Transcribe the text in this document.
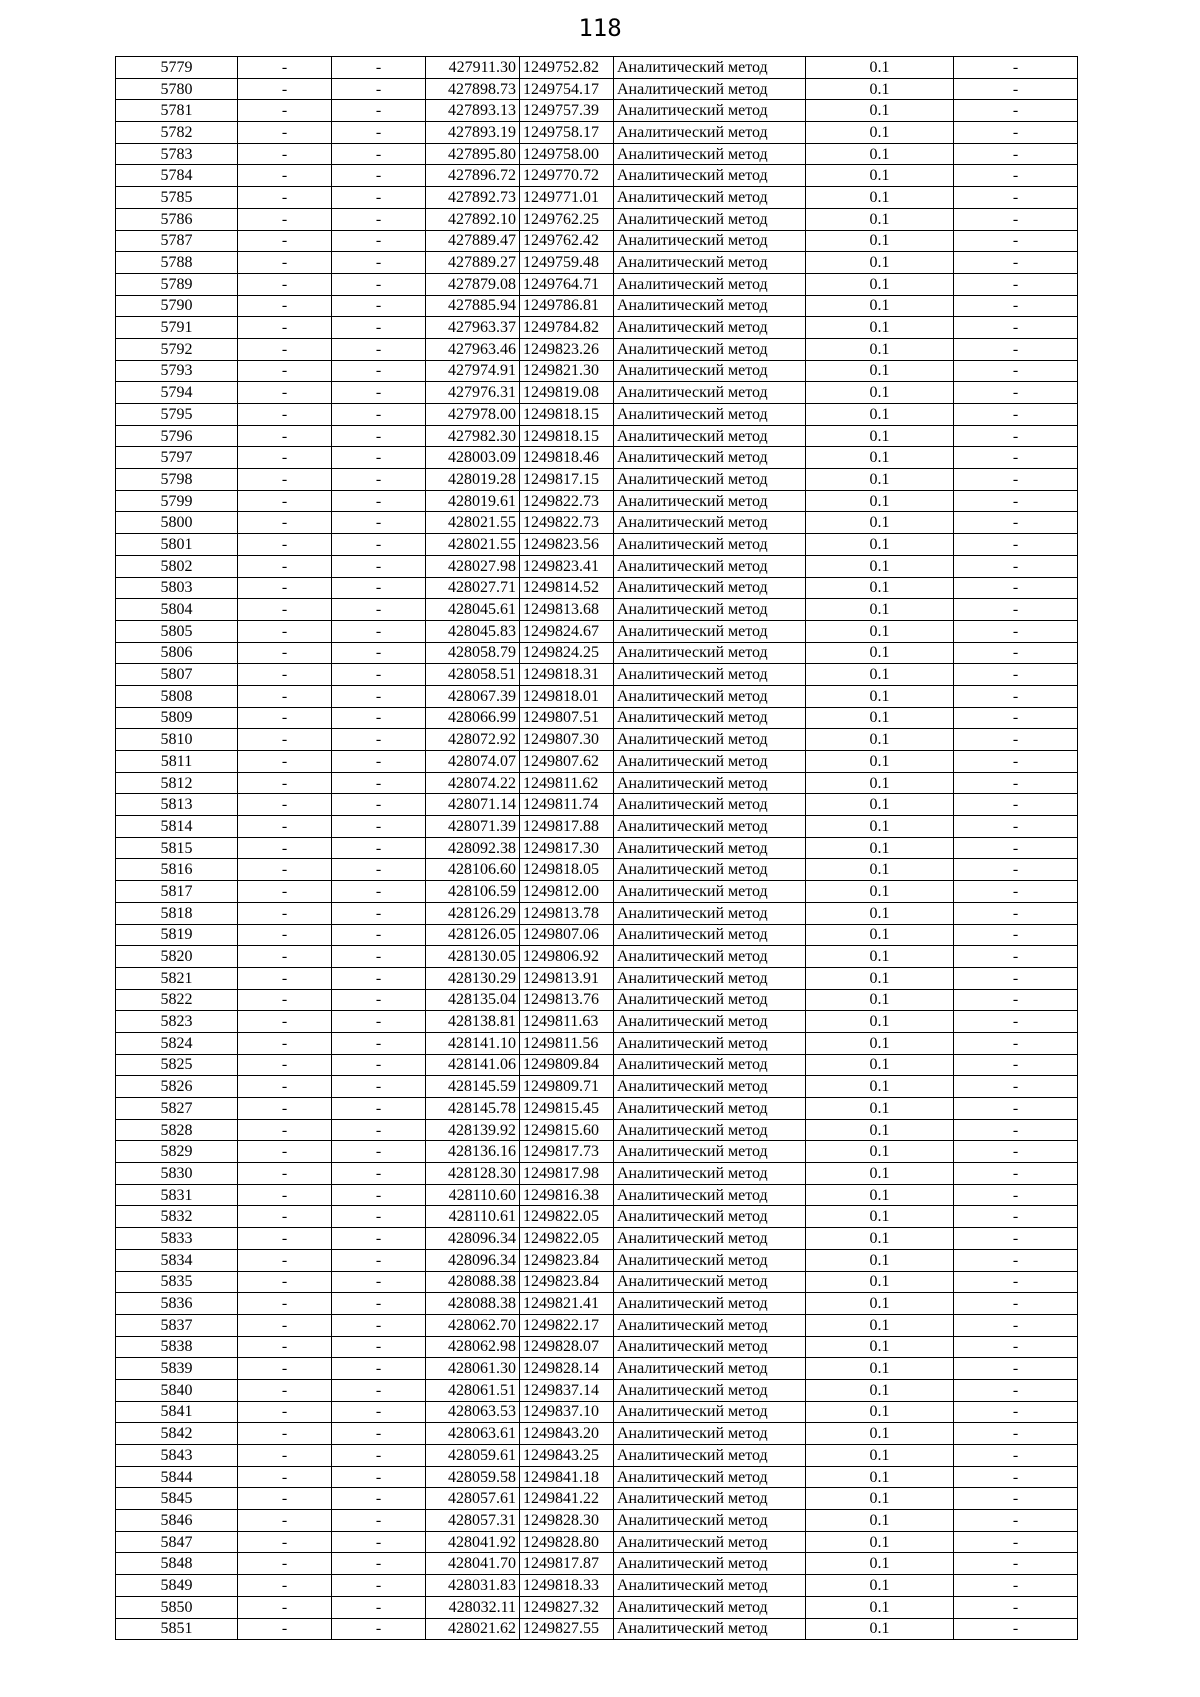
118
5779	-	-	427911.30	1249752.82	Аналитический метод	0.1	-
5780	-	-	427898.73	1249754.17	Аналитический метод	0.1	-
5781	-	-	427893.13	1249757.39	Аналитический метод	0.1	-
5782	-	-	427893.19	1249758.17	Аналитический метод	0.1	-
5783	-	-	427895.80	1249758.00	Аналитический метод	0.1	-
5784	-	-	427896.72	1249770.72	Аналитический метод	0.1	-
5785	-	-	427892.73	1249771.01	Аналитический метод	0.1	-
5786	-	-	427892.10	1249762.25	Аналитический метод	0.1	-
5787	-	-	427889.47	1249762.42	Аналитический метод	0.1	-
5788	-	-	427889.27	1249759.48	Аналитический метод	0.1	-
5789	-	-	427879.08	1249764.71	Аналитический метод	0.1	-
5790	-	-	427885.94	1249786.81	Аналитический метод	0.1	-
5791	-	-	427963.37	1249784.82	Аналитический метод	0.1	-
5792	-	-	427963.46	1249823.26	Аналитический метод	0.1	-
5793	-	-	427974.91	1249821.30	Аналитический метод	0.1	-
5794	-	-	427976.31	1249819.08	Аналитический метод	0.1	-
5795	-	-	427978.00	1249818.15	Аналитический метод	0.1	-
5796	-	-	427982.30	1249818.15	Аналитический метод	0.1	-
5797	-	-	428003.09	1249818.46	Аналитический метод	0.1	-
5798	-	-	428019.28	1249817.15	Аналитический метод	0.1	-
5799	-	-	428019.61	1249822.73	Аналитический метод	0.1	-
5800	-	-	428021.55	1249822.73	Аналитический метод	0.1	-
5801	-	-	428021.55	1249823.56	Аналитический метод	0.1	-
5802	-	-	428027.98	1249823.41	Аналитический метод	0.1	-
5803	-	-	428027.71	1249814.52	Аналитический метод	0.1	-
5804	-	-	428045.61	1249813.68	Аналитический метод	0.1	-
5805	-	-	428045.83	1249824.67	Аналитический метод	0.1	-
5806	-	-	428058.79	1249824.25	Аналитический метод	0.1	-
5807	-	-	428058.51	1249818.31	Аналитический метод	0.1	-
5808	-	-	428067.39	1249818.01	Аналитический метод	0.1	-
5809	-	-	428066.99	1249807.51	Аналитический метод	0.1	-
5810	-	-	428072.92	1249807.30	Аналитический метод	0.1	-
5811	-	-	428074.07	1249807.62	Аналитический метод	0.1	-
5812	-	-	428074.22	1249811.62	Аналитический метод	0.1	-
5813	-	-	428071.14	1249811.74	Аналитический метод	0.1	-
5814	-	-	428071.39	1249817.88	Аналитический метод	0.1	-
5815	-	-	428092.38	1249817.30	Аналитический метод	0.1	-
5816	-	-	428106.60	1249818.05	Аналитический метод	0.1	-
5817	-	-	428106.59	1249812.00	Аналитический метод	0.1	-
5818	-	-	428126.29	1249813.78	Аналитический метод	0.1	-
5819	-	-	428126.05	1249807.06	Аналитический метод	0.1	-
5820	-	-	428130.05	1249806.92	Аналитический метод	0.1	-
5821	-	-	428130.29	1249813.91	Аналитический метод	0.1	-
5822	-	-	428135.04	1249813.76	Аналитический метод	0.1	-
5823	-	-	428138.81	1249811.63	Аналитический метод	0.1	-
5824	-	-	428141.10	1249811.56	Аналитический метод	0.1	-
5825	-	-	428141.06	1249809.84	Аналитический метод	0.1	-
5826	-	-	428145.59	1249809.71	Аналитический метод	0.1	-
5827	-	-	428145.78	1249815.45	Аналитический метод	0.1	-
5828	-	-	428139.92	1249815.60	Аналитический метод	0.1	-
5829	-	-	428136.16	1249817.73	Аналитический метод	0.1	-
5830	-	-	428128.30	1249817.98	Аналитический метод	0.1	-
5831	-	-	428110.60	1249816.38	Аналитический метод	0.1	-
5832	-	-	428110.61	1249822.05	Аналитический метод	0.1	-
5833	-	-	428096.34	1249822.05	Аналитический метод	0.1	-
5834	-	-	428096.34	1249823.84	Аналитический метод	0.1	-
5835	-	-	428088.38	1249823.84	Аналитический метод	0.1	-
5836	-	-	428088.38	1249821.41	Аналитический метод	0.1	-
5837	-	-	428062.70	1249822.17	Аналитический метод	0.1	-
5838	-	-	428062.98	1249828.07	Аналитический метод	0.1	-
5839	-	-	428061.30	1249828.14	Аналитический метод	0.1	-
5840	-	-	428061.51	1249837.14	Аналитический метод	0.1	-
5841	-	-	428063.53	1249837.10	Аналитический метод	0.1	-
5842	-	-	428063.61	1249843.20	Аналитический метод	0.1	-
5843	-	-	428059.61	1249843.25	Аналитический метод	0.1	-
5844	-	-	428059.58	1249841.18	Аналитический метод	0.1	-
5845	-	-	428057.61	1249841.22	Аналитический метод	0.1	-
5846	-	-	428057.31	1249828.30	Аналитический метод	0.1	-
5847	-	-	428041.92	1249828.80	Аналитический метод	0.1	-
5848	-	-	428041.70	1249817.87	Аналитический метод	0.1	-
5849	-	-	428031.83	1249818.33	Аналитический метод	0.1	-
5850	-	-	428032.11	1249827.32	Аналитический метод	0.1	-
5851	-	-	428021.62	1249827.55	Аналитический метод	0.1	-
